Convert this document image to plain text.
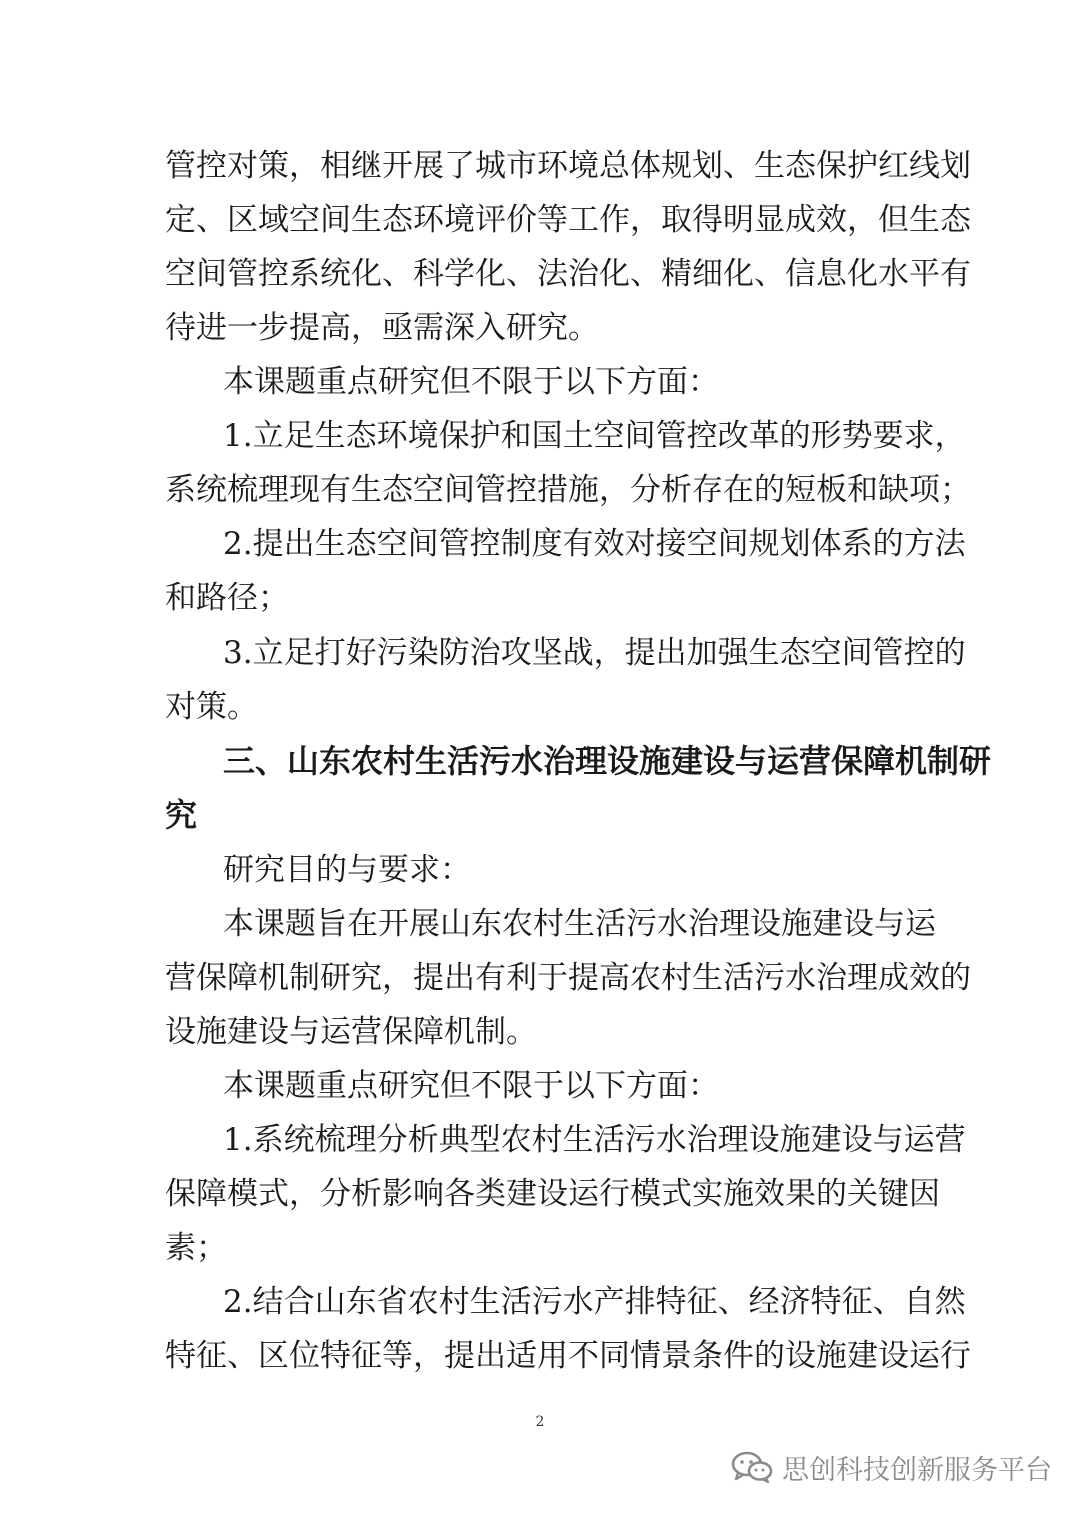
管控对策，相继开展了城市环境总体规划、生态保护红线划
定、区域空间生态环境评价等工作，取得明显成效，但生态
空间管控系统化、科学化、法治化、精细化、信息化水平有
待进一步提高，亟需深入研究。
本课题重点研究但不限于以下方面：
1.立足生态环境保护和国土空间管控改革的形势要求，
系统梳理现有生态空间管控措施，分析存在的短板和缺项；
2.提出生态空间管控制度有效对接空间规划体系的方法
和路径；
3.立足打好污染防治攻坚战，提出加强生态空间管控的
对策。
三、山东农村生活污水治理设施建设与运营保障机制研
究
研究目的与要求：
本课题旨在开展山东农村生活污水治理设施建设与运
营保障机制研究，提出有利于提高农村生活污水治理成效的
设施建设与运营保障机制。
本课题重点研究但不限于以下方面：
1.系统梳理分析典型农村生活污水治理设施建设与运营
保障模式，分析影响各类建设运行模式实施效果的关键因
素；
2.结合山东省农村生活污水产排特征、经济特征、自然
特征、区位特征等，提出适用不同情景条件的设施建设运行
2
思创科技创新服务平台
